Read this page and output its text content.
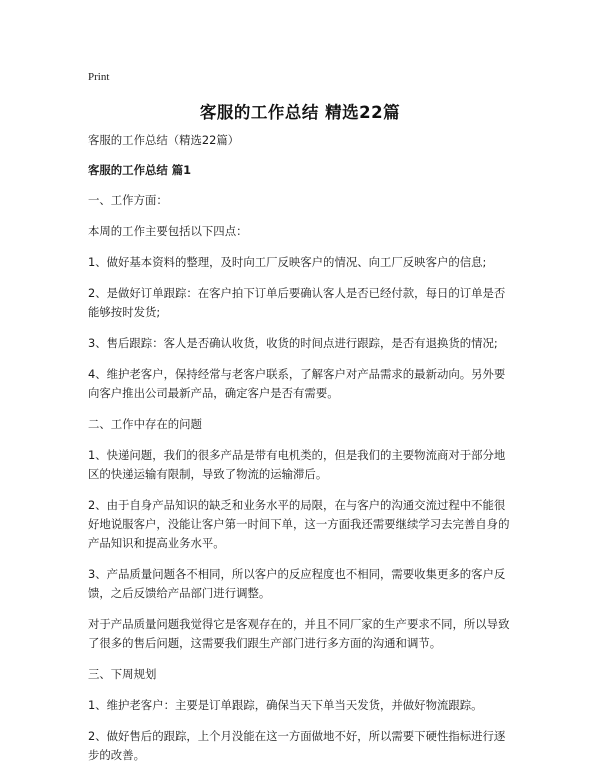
Print
客服的工作总结 精选22篇

客服的工作总结（精选22篇）

客服的工作总结 篇1

一、工作方面：

本周的工作主要包括以下四点：

1、做好基本资料的整理，及时向工厂反映客户的情况、向工厂反映客户的信息;

2、是做好订单跟踪：在客户拍下订单后要确认客人是否已经付款，每日的订单是否能够按时发货;

3、售后跟踪：客人是否确认收货，收货的时间点进行跟踪，是否有退换货的情况;

4、维护老客户，保持经常与老客户联系，了解客户对产品需求的最新动向。另外要向客户推出公司最新产品，确定客户是否有需要。

二、工作中存在的问题

1、快递问题，我们的很多产品是带有电机类的，但是我们的主要物流商对于部分地区的快递运输有限制，导致了物流的运输滞后。

2、由于自身产品知识的缺乏和业务水平的局限，在与客户的沟通交流过程中不能很好地说服客户，没能让客户第一时间下单，这一方面我还需要继续学习去完善自身的产品知识和提高业务水平。

3、产品质量问题各不相同，所以客户的反应程度也不相同，需要收集更多的客户反馈，之后反馈给产品部门进行调整。

对于产品质量问题我觉得它是客观存在的，并且不同厂家的生产要求不同，所以导致了很多的售后问题，这需要我们跟生产部门进行多方面的沟通和调节。

三、下周规划

1、维护老客户：主要是订单跟踪，确保当天下单当天发货，并做好物流跟踪。

2、做好售后的跟踪，上个月没能在这一方面做地不好，所以需要下硬性指标进行逐步的改善。
